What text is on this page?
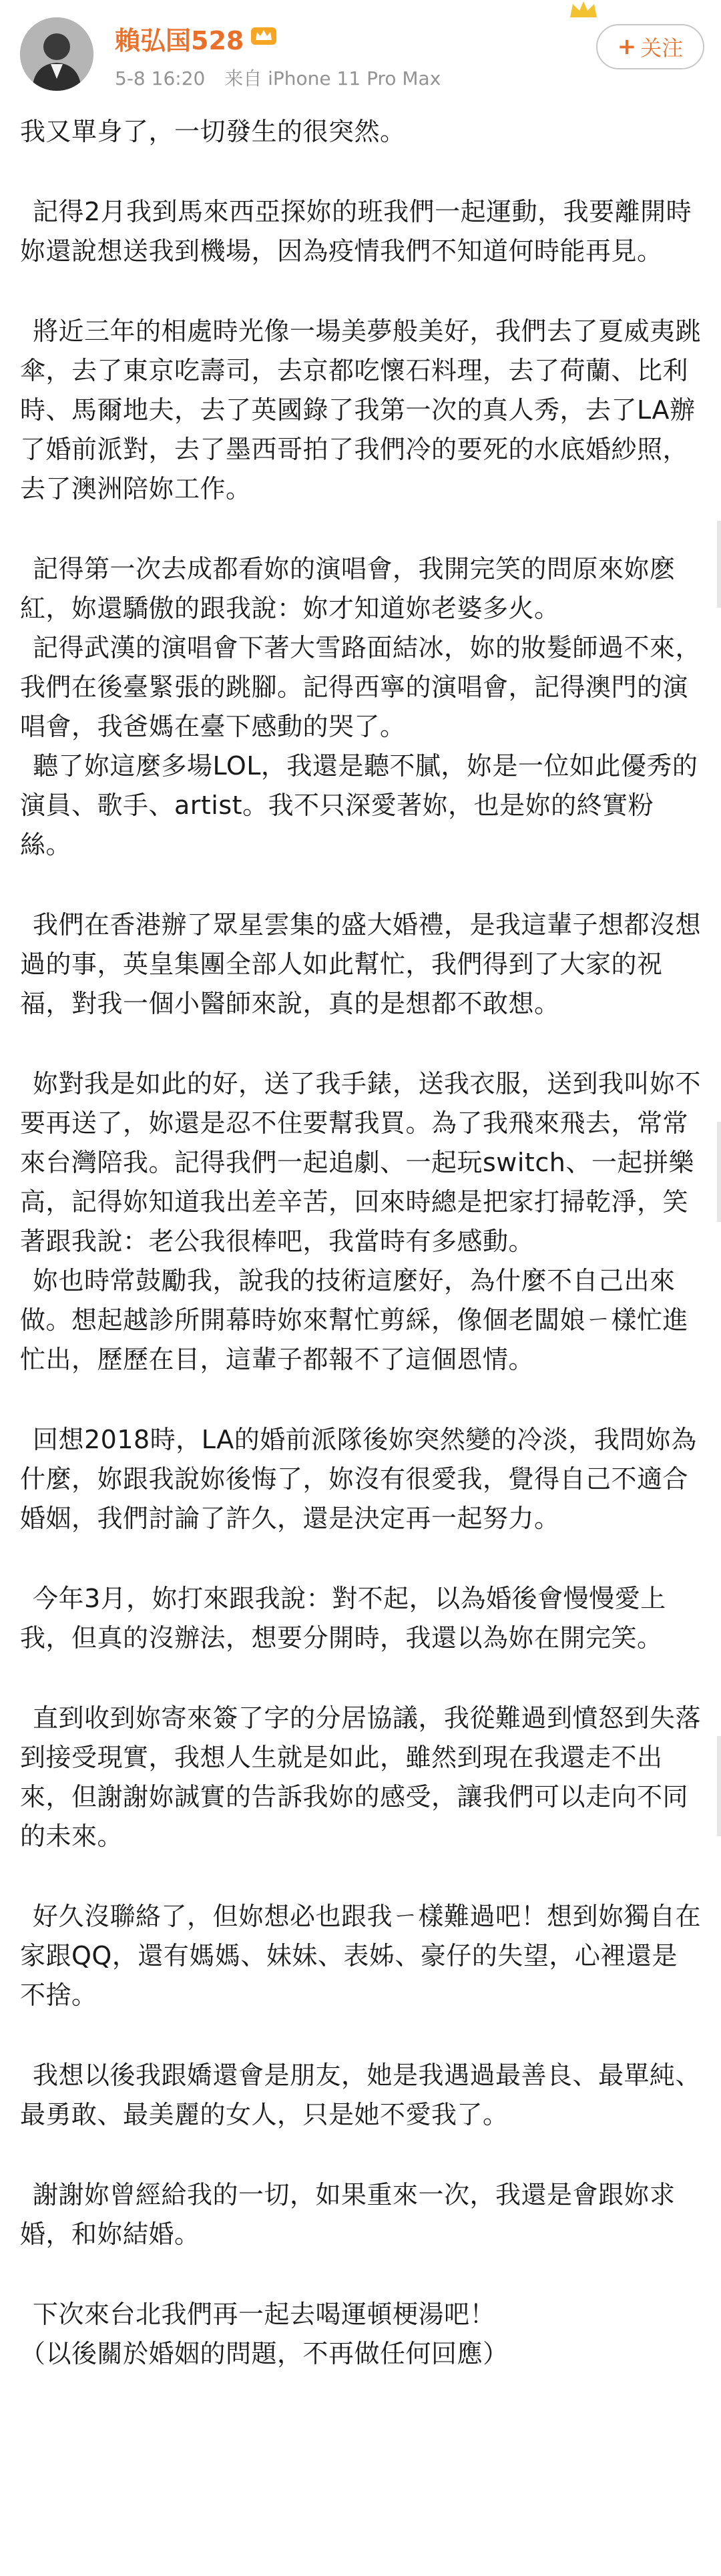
賴弘国528
5-8 16:20 来自 iPhone 11 Pro Max
+ 关注

我又單身了，一切發生的很突然。

記得2月我到馬來西亞探妳的班我們一起運動，我要離開時妳還說想送我到機場，因為疫情我們不知道何時能再見。

將近三年的相處時光像一場美夢般美好，我們去了夏威夷跳傘，去了東京吃壽司，去京都吃懷石料理，去了荷蘭、比利時、馬爾地夫，去了英國錄了我第一次的真人秀，去了LA辦了婚前派對，去了墨西哥拍了我們冷的要死的水底婚紗照，去了澳洲陪妳工作。

記得第一次去成都看妳的演唱會，我開完笑的問原來妳麽紅，妳還驕傲的跟我說：妳才知道妳老婆多火。

記得武漢的演唱會下著大雪路面結冰，妳的妝髮師過不來，我們在後臺緊張的跳腳。記得西寧的演唱會，記得澳門的演唱會，我爸媽在臺下感動的哭了。

聽了妳這麼多場LOL，我還是聽不膩，妳是一位如此優秀的演員、歌手、artist。我不只深愛著妳，也是妳的終實粉絲。

我們在香港辦了眾星雲集的盛大婚禮，是我這輩子想都沒想過的事，英皇集團全部人如此幫忙，我們得到了大家的祝福，對我一個小醫師來說，真的是想都不敢想。

妳對我是如此的好，送了我手錶，送我衣服，送到我叫妳不要再送了，妳還是忍不住要幫我買。為了我飛來飛去，常常來台灣陪我。記得我們一起追劇、一起玩switch、一起拼樂高，記得妳知道我出差辛苦，回來時總是把家打掃乾淨，笑著跟我說：老公我很棒吧，我當時有多感動。

妳也時常鼓勵我，說我的技術這麼好，為什麼不自己出來做。想起越診所開幕時妳來幫忙剪綵，像個老闆娘ㄧ樣忙進忙出，歷歷在目，這輩子都報不了這個恩情。

回想2018時，LA的婚前派隊後妳突然變的冷淡，我問妳為什麼，妳跟我說妳後悔了，妳沒有很愛我，覺得自己不適合婚姻，我們討論了許久，還是決定再一起努力。

今年3月，妳打來跟我說：對不起，以為婚後會慢慢愛上我，但真的沒辦法，想要分開時，我還以為妳在開完笑。

直到收到妳寄來簽了字的分居協議，我從難過到憤怒到失落到接受現實，我想人生就是如此，雖然到現在我還走不出來，但謝謝妳誠實的告訴我妳的感受，讓我們可以走向不同的未來。

好久沒聯絡了，但妳想必也跟我ㄧ樣難過吧！想到妳獨自在家跟QQ，還有媽媽、妹妹、表姊、豪仔的失望，心裡還是不捨。

我想以後我跟嬌還會是朋友，她是我遇過最善良、最單純、最勇敢、最美麗的女人，只是她不愛我了。

謝謝妳曾經給我的一切，如果重來一次，我還是會跟妳求婚，和妳結婚。

下次來台北我們再一起去喝運頓梗湯吧！
（以後關於婚姻的問題，不再做任何回應）
